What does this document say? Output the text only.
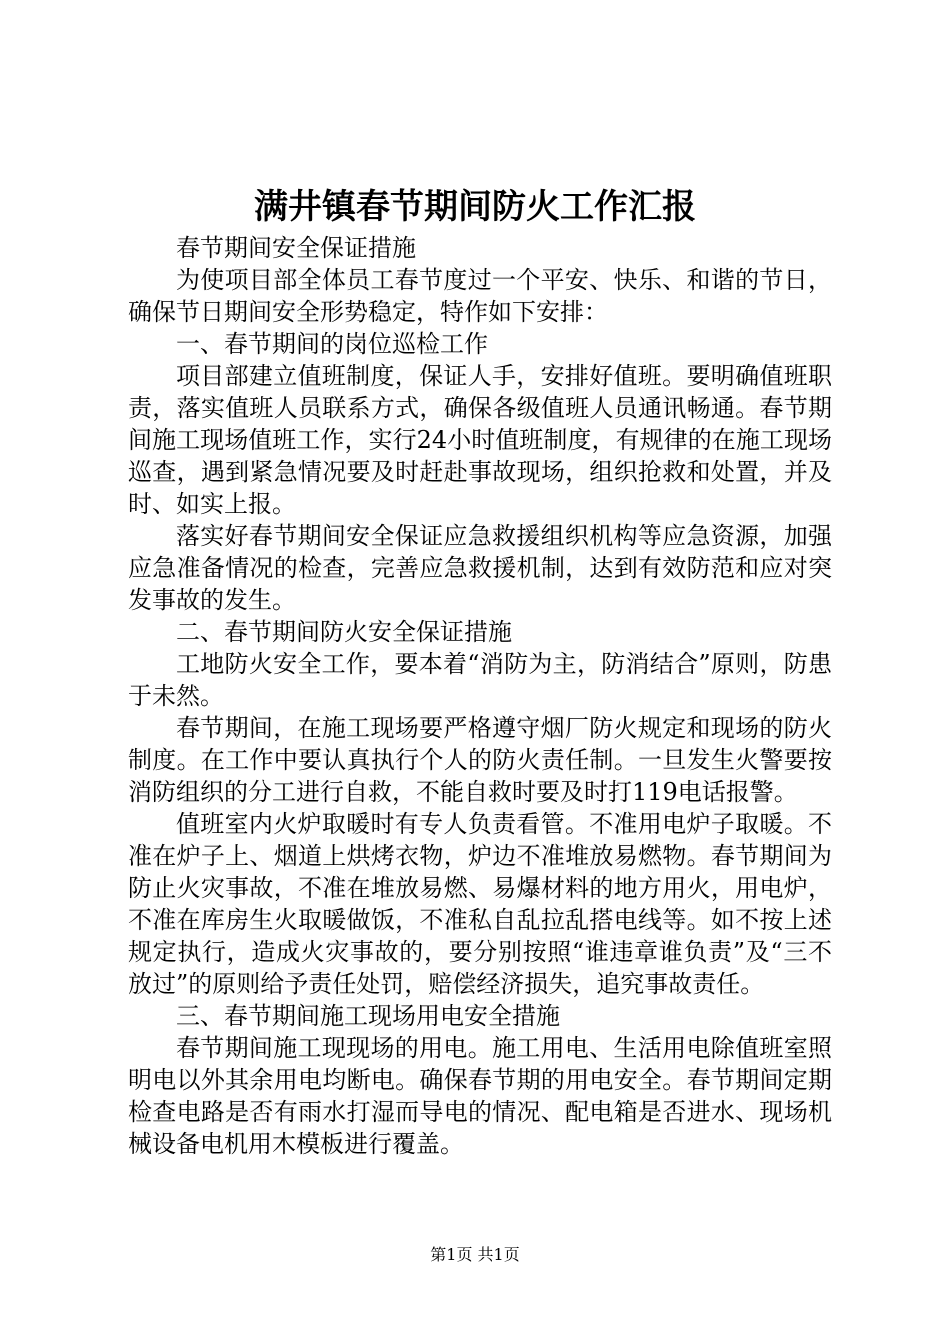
满井镇春节期间防火工作汇报

春节期间安全保证措施

为使项目部全体员工春节度过一个平安、快乐、和谐的节日，确保节日期间安全形势稳定，特作如下安排：

一、春节期间的岗位巡检工作

项目部建立值班制度，保证人手，安排好值班。要明确值班职责，落实值班人员联系方式，确保各级值班人员通讯畅通。春节期间施工现场值班工作，实行24小时值班制度，有规律的在施工现场巡查，遇到紧急情况要及时赶赴事故现场，组织抢救和处置，并及时、如实上报。

落实好春节期间安全保证应急救援组织机构等应急资源，加强应急准备情况的检查，完善应急救援机制，达到有效防范和应对突发事故的发生。

二、春节期间防火安全保证措施

工地防火安全工作，要本着“消防为主，防消结合”原则，防患于未然。

春节期间，在施工现场要严格遵守烟厂防火规定和现场的防火制度。在工作中要认真执行个人的防火责任制。一旦发生火警要按消防组织的分工进行自救，不能自救时要及时打119电话报警。

值班室内火炉取暖时有专人负责看管。不准用电炉子取暖。不准在炉子上、烟道上烘烤衣物，炉边不准堆放易燃物。春节期间为防止火灾事故，不准在堆放易燃、易爆材料的地方用火，用电炉，不准在库房生火取暖做饭，不准私自乱拉乱搭电线等。如不按上述规定执行，造成火灾事故的，要分别按照“谁违章谁负责”及“三不放过”的原则给予责任处罚，赔偿经济损失，追究事故责任。

三、春节期间施工现场用电安全措施

春节期间施工现现场的用电。施工用电、生活用电除值班室照明电以外其余用电均断电。确保春节期的用电安全。春节期间定期检查电路是否有雨水打湿而导电的情况、配电箱是否进水、现场机械设备电机用木模板进行覆盖。

第1页 共1页
